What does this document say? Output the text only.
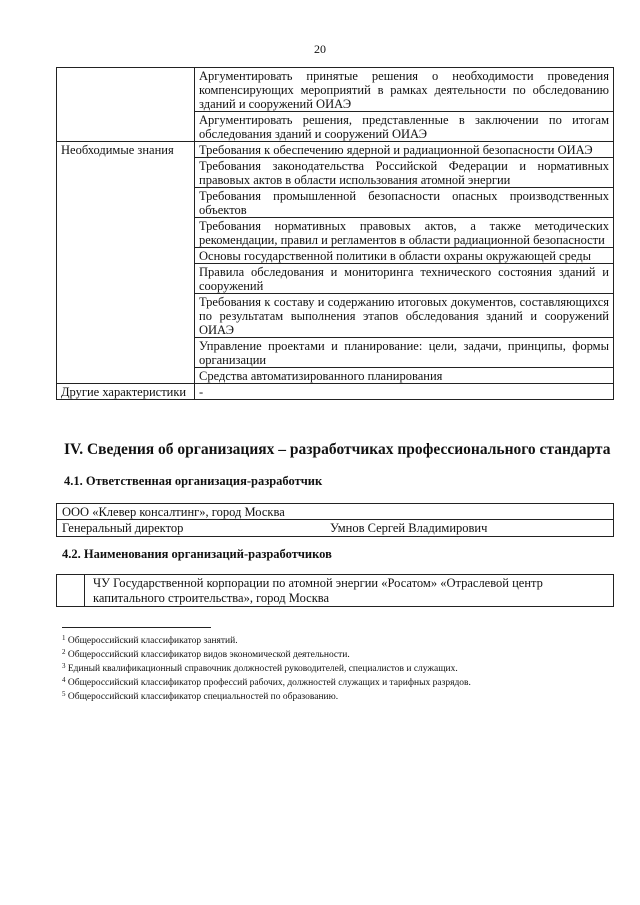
20
	Аргументировать принятые решения о необходимости проведения компенсирующих мероприятий в рамках деятельности по обследованию зданий и сооружений ОИАЭ
	Аргументировать решения, представленные в заключении по итогам обследования зданий и сооружений ОИАЭ
Необходимые знания	Требования к обеспечению ядерной и радиационной безопасности ОИАЭ
	Требования законодательства Российской Федерации и нормативных правовых актов в области использования атомной энергии
	Требования промышленной безопасности опасных производственных объектов
	Требования нормативных правовых актов, а также методических рекомендации, правил и регламентов в области радиационной безопасности
	Основы государственной политики в области охраны окружающей среды
	Правила обследования и мониторинга технического состояния зданий и сооружений
	Требования к составу и содержанию итоговых документов, составляющихся по результатам выполнения этапов обследования зданий и сооружений ОИАЭ
	Управление проектами и планирование: цели, задачи, принципы, формы организации
	Средства автоматизированного планирования
Другие характеристики	-
IV. Сведения об организациях – разработчиках профессионального стандарта
4.1. Ответственная организация-разработчик
ООО «Клевер консалтинг», город Москва

Генеральный директор	Умнов Сергей Владимирович
4.2. Наименования организаций-разработчиков

ЧУ Государственной корпорации по атомной энергии «Росатом» «Отраслевой центр капитального строительства», город Москва
$^1$ Общероссийский классификатор занятий.
$^2$ Общероссийский классификатор видов экономической деятельности.
$^3$ Единый квалификационный справочник должностей руководителей, специалистов и служащих.
$^4$ Общероссийский классификатор профессий рабочих, должностей служащих и тарифных разрядов.
$^5$ Общероссийский классификатор специальностей по образованию.
